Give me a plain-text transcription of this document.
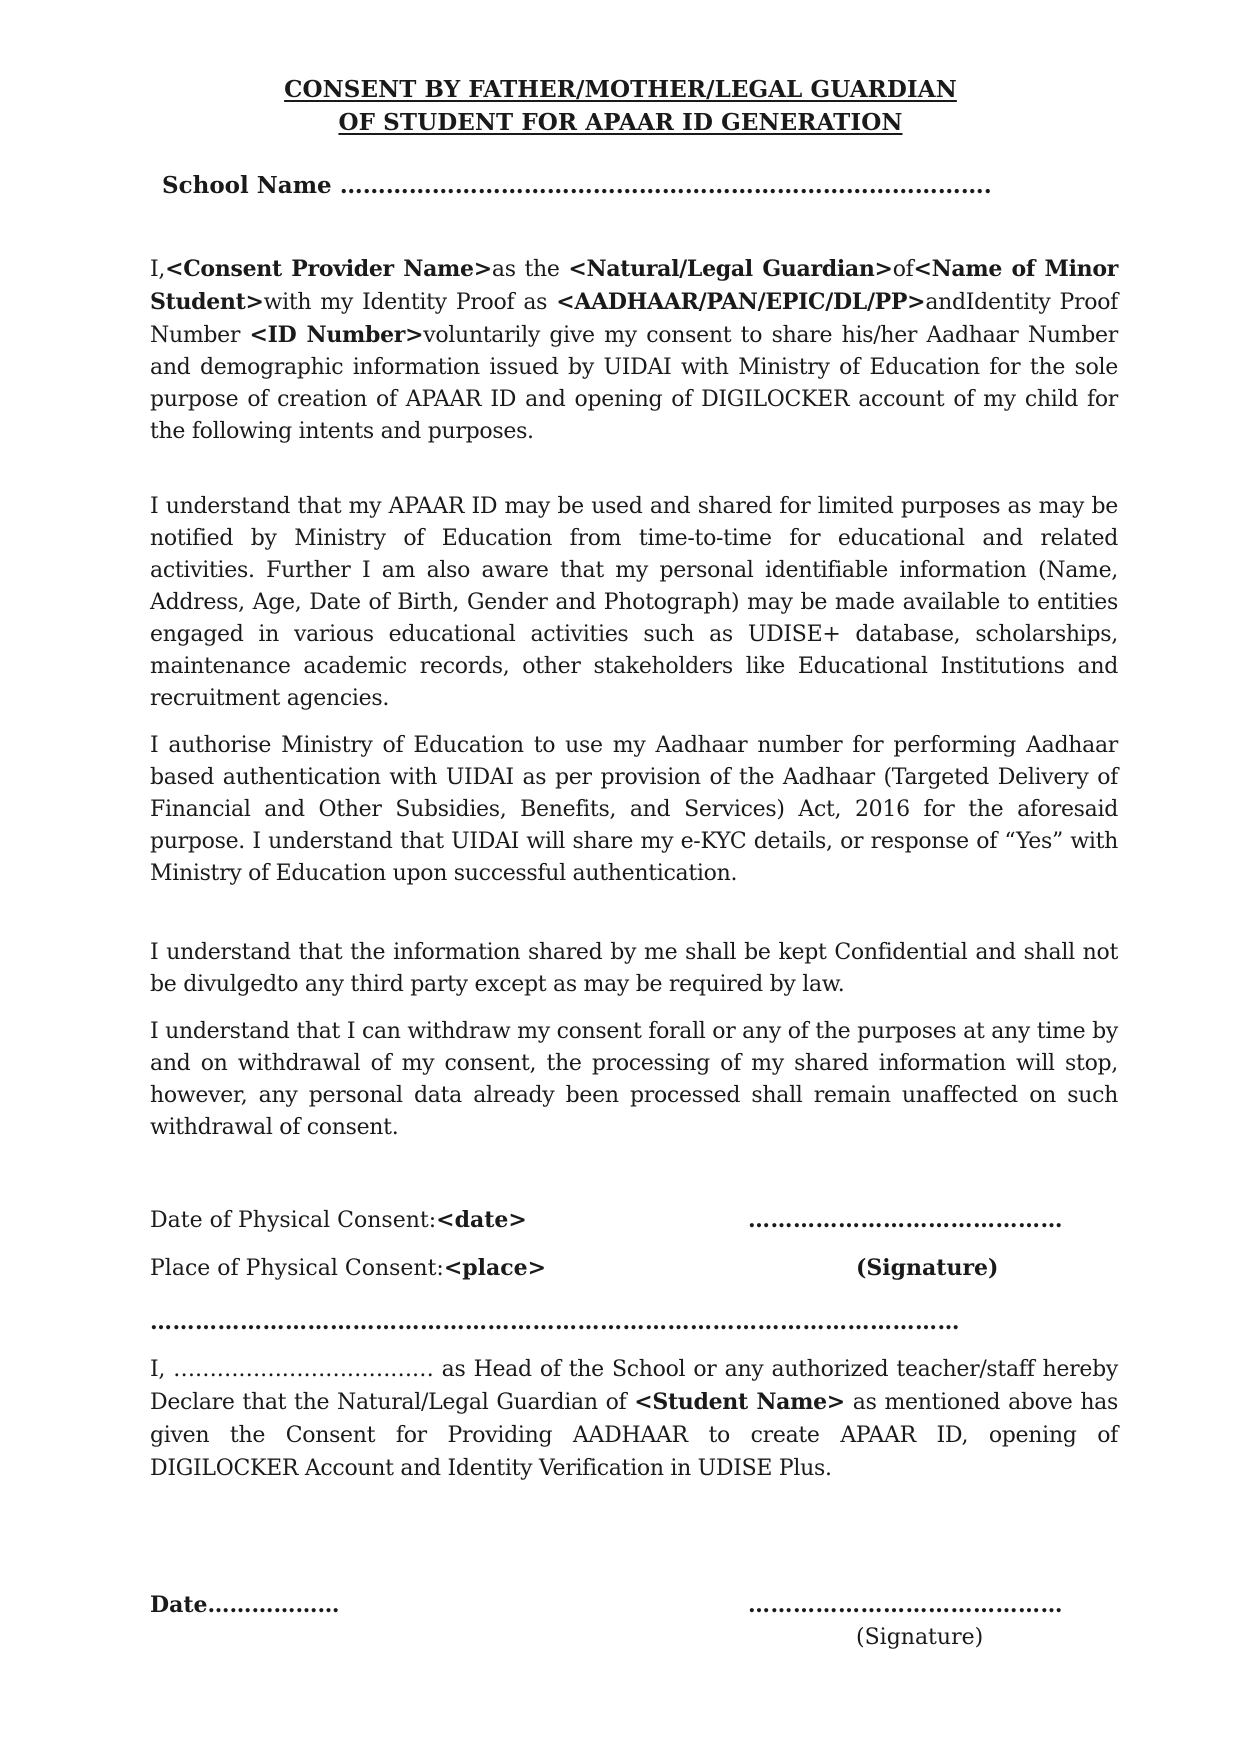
CONSENT BY FATHER/MOTHER/LEGAL GUARDIAN
OF STUDENT FOR APAAR ID GENERATION
School Name ………………………………………………………………………….
I,<Consent Provider Name>as the <Natural/Legal Guardian>of<Name of Minor Student>with my Identity Proof as <AADHAAR/PAN/EPIC/DL/PP>andIdentity Proof Number <ID Number>voluntarily give my consent to share his/her Aadhaar Number and demographic information issued by UIDAI with Ministry of Education for the sole purpose of creation of APAAR ID and opening of DIGILOCKER account of my child for the following intents and purposes.
I understand that my APAAR ID may be used and shared for limited purposes as may be notified by Ministry of Education from time-to-time for educational and related activities. Further I am also aware that my personal identifiable information (Name, Address, Age, Date of Birth, Gender and Photograph) may be made available to entities engaged in various educational activities such as UDISE+ database, scholarships, maintenance academic records, other stakeholders like Educational Institutions and recruitment agencies.
I authorise Ministry of Education to use my Aadhaar number for performing Aadhaar based authentication with UIDAI as per provision of the Aadhaar (Targeted Delivery of Financial and Other Subsidies, Benefits, and Services) Act, 2016 for the aforesaid purpose. I understand that UIDAI will share my e-KYC details, or response of “Yes” with Ministry of Education upon successful authentication.
I understand that the information shared by me shall be kept Confidential and shall not be divulgedto any third party except as may be required by law.
I understand that I can withdraw my consent forall or any of the purposes at any time by and on withdrawal of my consent, the processing of my shared information will stop, however, any personal data already been processed shall remain unaffected on such withdrawal of consent.
Date of Physical Consent:<date>	……………………………………
Place of Physical Consent:<place>	(Signature)
………………………………………………………………………………………………
I, ……………………………… as Head of the School or any authorized teacher/staff hereby Declare that the Natural/Legal Guardian of <Student Name> as mentioned above has given the Consent for Providing AADHAAR to create APAAR ID, opening of DIGILOCKER Account and Identity Verification in UDISE Plus.
Date………………	……………………………………
(Signature)
